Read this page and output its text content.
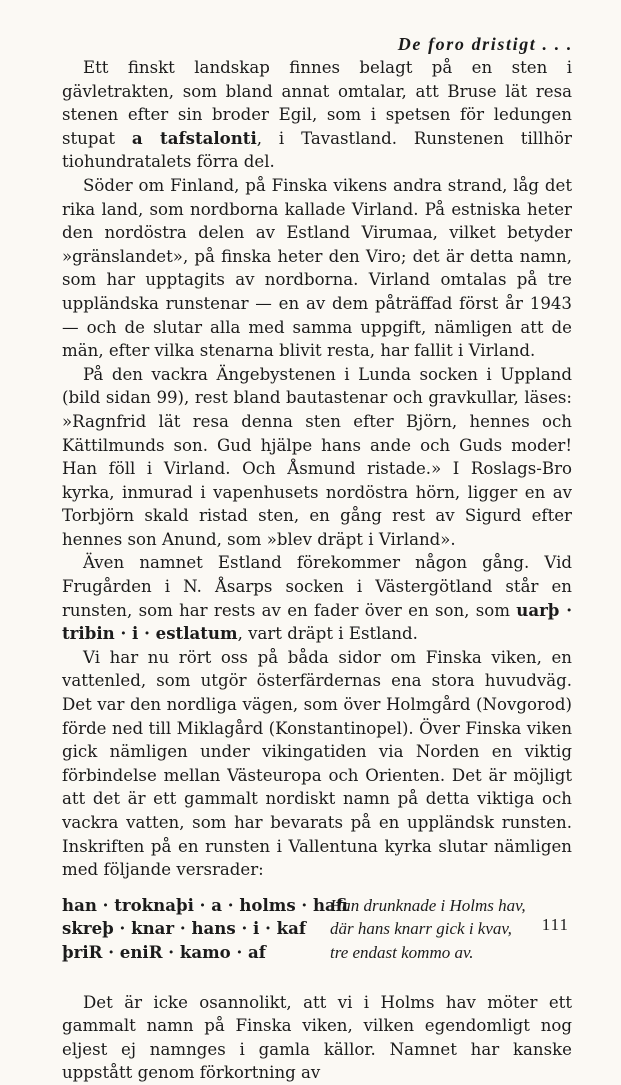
De foro dristigt . . .

Ett finskt landskap finnes belagt på en sten i gävletrakten, som bland annat omtalar, att Bruse lät resa stenen efter sin broder Egil, som i spetsen för ledungen stupat a tafstalonti, i Tavastland. Runstenen tillhör tiohundratalets förra del.

Söder om Finland, på Finska vikens andra strand, låg det rika land, som nordborna kallade Virland. På estniska heter den nordöstra delen av Estland Virumaa, vilket betyder »gränslandet», på finska heter den Viro; det är detta namn, som har upptagits av nordborna. Virland omtalas på tre uppländska runstenar — en av dem påträffad först år 1943 — och de slutar alla med samma uppgift, nämligen att de män, efter vilka stenarna blivit resta, har fallit i Virland.

På den vackra Ängebystenen i Lunda socken i Uppland (bild sidan 99), rest bland bautastenar och gravkullar, läses: »Ragnfrid lät resa denna sten efter Björn, hennes och Kättilmunds son. Gud hjälpe hans ande och Guds moder! Han föll i Virland. Och Åsmund ristade.» I Roslags-Bro kyrka, inmurad i vapenhusets nordöstra hörn, ligger en av Torbjörn skald ristad sten, en gång rest av Sigurd efter hennes son Anund, som »blev dräpt i Virland».

Även namnet Estland förekommer någon gång. Vid Frugården i N. Åsarps socken i Västergötland står en runsten, som har rests av en fader över en son, som uarþ · tribin · i · estlatum, vart dräpt i Estland.

Vi har nu rört oss på båda sidor om Finska viken, en vattenled, som utgör österfärdernas ena stora huvudväg. Det var den nordliga vägen, som över Holmgård (Novgorod) förde ned till Miklagård (Konstantinopel). Över Finska viken gick nämligen under vikingatiden via Norden en viktig förbindelse mellan Västeuropa och Orienten. Det är möjligt att det är ett gammalt nordiskt namn på detta viktiga och vackra vatten, som har bevarats på en uppländsk runsten. Inskriften på en runsten i Vallentuna kyrka slutar nämligen med följande versrader:

han · troknaþi · a · holms · hafi
skreþ · knar · hans · i · kaf
þriR · eniR · kamo · af
Han drunknade i Holms hav,
där hans knarr gick i kvav,
tre endast kommo av.

Det är icke osannolikt, att vi i Holms hav möter ett gammalt namn på Finska viken, vilken egendomligt nog eljest ej namnges i gamla källor. Namnet har kanske uppstått genom förkortning av

111
